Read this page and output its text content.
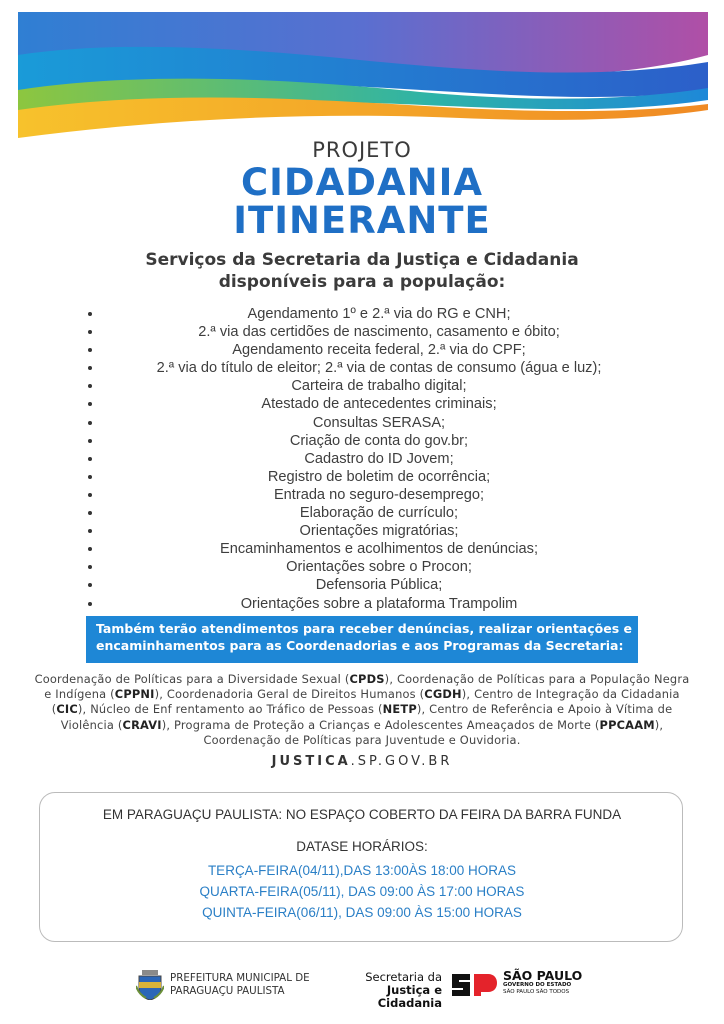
PROJETO
CIDADANIA
ITINERANTE
Serviços da Secretaria da Justiça e Cidadania
disponíveis para a população:
Agendamento 1º e 2.ª via do RG e CNH;
2.ª via das certidões de nascimento, casamento e óbito;
Agendamento receita federal, 2.ª via do CPF;
2.ª via do título de eleitor; 2.ª via de contas de consumo (água e luz);
Carteira de trabalho digital;
Atestado de antecedentes criminais;
Consultas SERASA;
Criação de conta do gov.br;
Cadastro do ID Jovem;
Registro de boletim de ocorrência;
Entrada no seguro-desemprego;
Elaboração de currículo;
Orientações migratórias;
Encaminhamentos e acolhimentos de denúncias;
Orientações sobre o Procon;
Defensoria Pública;
Orientações sobre a plataforma Trampolim
Também terão atendimentos para receber denúncias, realizar orientações e
encaminhamentos para as Coordenadorias e aos Programas da Secretaria:
Coordenação de Políticas para a Diversidade Sexual (CPDS), Coordenação de Políticas para a População Negra e Indígena (CPPNI), Coordenadoria Geral de Direitos Humanos (CGDH), Centro de Integração da Cidadania (CIC), Núcleo de Enf rentamento ao Tráfico de Pessoas (NETP), Centro de Referência e Apoio à Vítima de Violência (CRAVI), Programa de Proteção a Crianças e Adolescentes Ameaçados de Morte (PPCAAM), Coordenação de Políticas para Juventude e Ouvidoria.
JUSTICA.SP.GOV.BR
EM PARAGUAÇU PAULISTA: NO ESPAÇO COBERTO DA FEIRA DA BARRA FUNDA
DATASE HORÁRIOS:
TERÇA-FEIRA(04/11),DAS 13:00ÀS 18:00 HORAS
QUARTA-FEIRA(05/11), DAS 09:00 ÀS 17:00 HORAS
QUINTA-FEIRA(06/11), DAS 09:00 ÀS 15:00 HORAS
PREFEITURA MUNICIPAL DE
PARAGUAÇU PAULISTA
Secretaria da
Justiça e Cidadania
SÃO PAULO
GOVERNO DO ESTADO
SÃO PAULO SÃO TODOS
